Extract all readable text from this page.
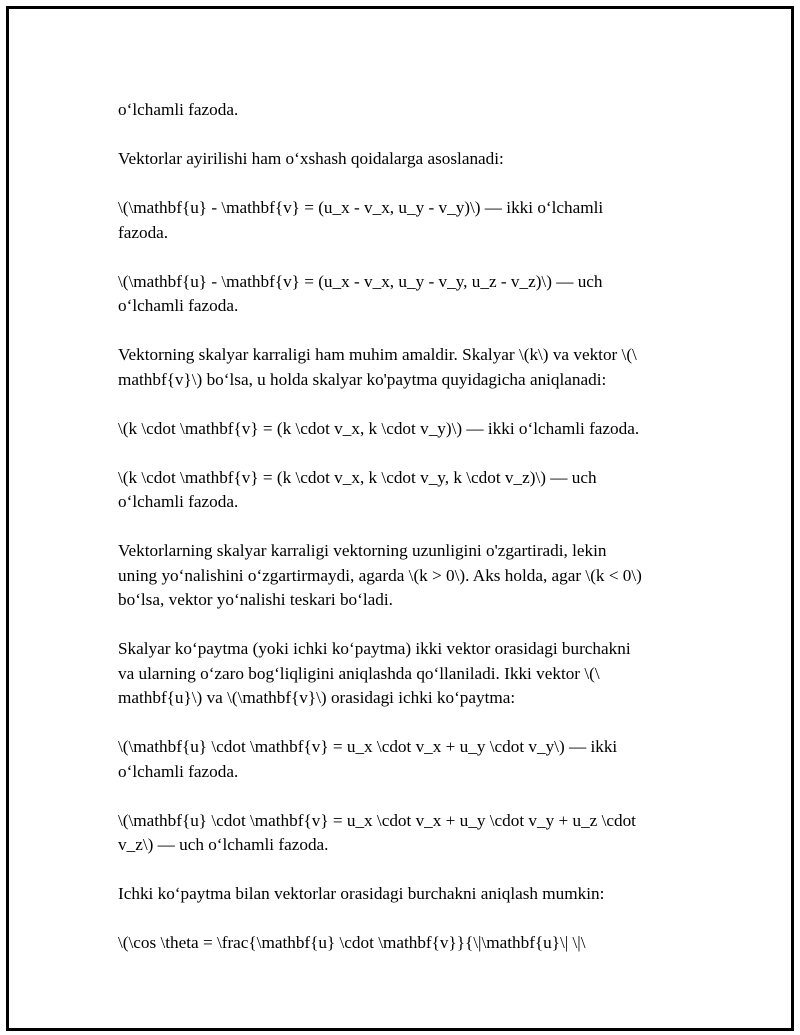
o‘lchamli fazoda.

Vektorlar ayirilishi ham o‘xshash qoidalarga asoslanadi:

\(\mathbf{u} - \mathbf{v} = (u_x - v_x, u_y - v_y)\) — ikki o‘lchamli
fazoda.

\(\mathbf{u} - \mathbf{v} = (u_x - v_x, u_y - v_y, u_z - v_z)\) — uch
o‘lchamli fazoda.

Vektorning skalyar karraligi ham muhim amaldir. Skalyar \(k\) va vektor \(\
mathbf{v}\) bo‘lsa, u holda skalyar ko'paytma quyidagicha aniqlanadi:

\(k \cdot \mathbf{v} = (k \cdot v_x, k \cdot v_y)\) — ikki o‘lchamli fazoda.

\(k \cdot \mathbf{v} = (k \cdot v_x, k \cdot v_y, k \cdot v_z)\) — uch
o‘lchamli fazoda.

Vektorlarning skalyar karraligi vektorning uzunligini o'zgartiradi, lekin
uning yo‘nalishini o‘zgartirmaydi, agarda \(k > 0\). Aks holda, agar \(k < 0\)
bo‘lsa, vektor yo‘nalishi teskari bo‘ladi.

Skalyar ko‘paytma (yoki ichki ko‘paytma) ikki vektor orasidagi burchakni
va ularning o‘zaro bog‘liqligini aniqlashda qo‘llaniladi. Ikki vektor \(\
mathbf{u}\) va \(\mathbf{v}\) orasidagi ichki ko‘paytma:

\(\mathbf{u} \cdot \mathbf{v} = u_x \cdot v_x + u_y \cdot v_y\) — ikki
o‘lchamli fazoda.

\(\mathbf{u} \cdot \mathbf{v} = u_x \cdot v_x + u_y \cdot v_y + u_z \cdot
v_z\) — uch o‘lchamli fazoda.

Ichki ko‘paytma bilan vektorlar orasidagi burchakni aniqlash mumkin:

\(\cos \theta = \frac{\mathbf{u} \cdot \mathbf{v}}{\|\mathbf{u}\| \|\
